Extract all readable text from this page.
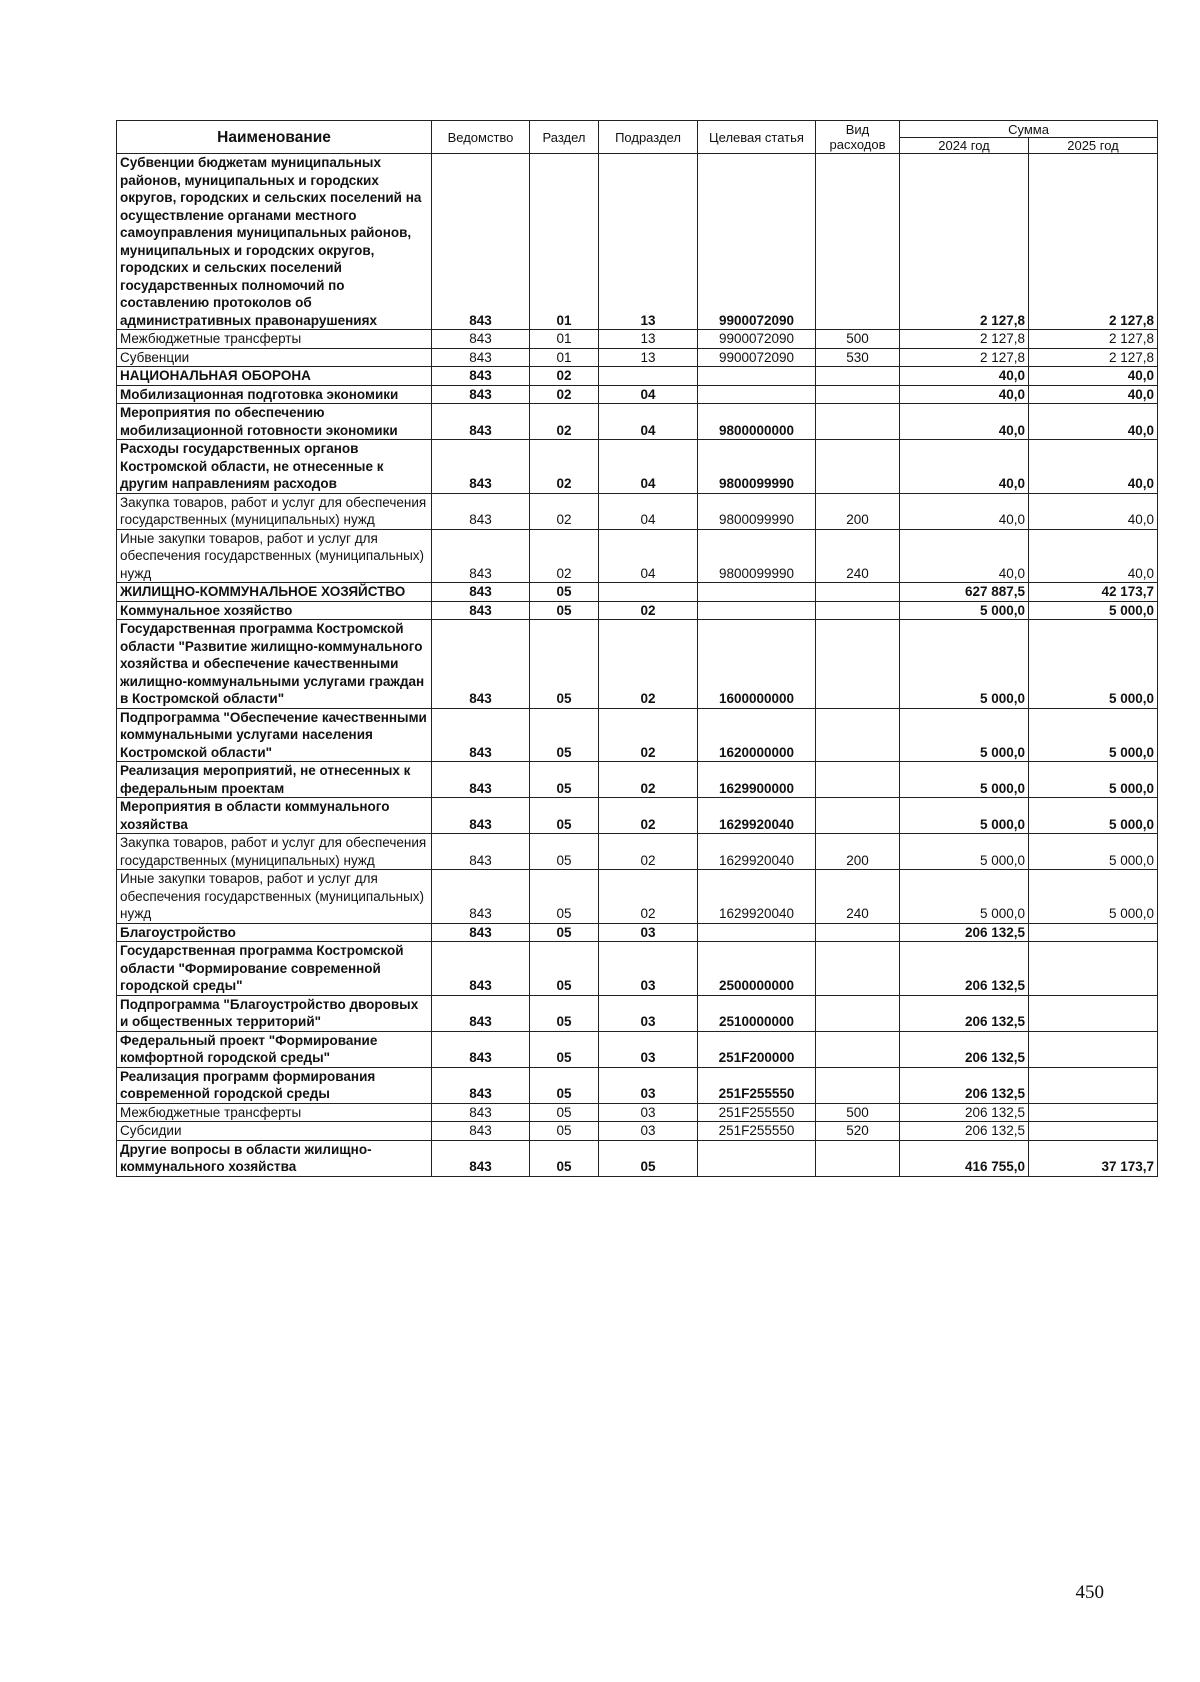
Наименование	Ведомство	Раздел	Подраздел	Целевая статья	Вид расходов	Сумма	
						2024 год	2025 год
Субвенции бюджетам муниципальных районов, муниципальных и городских округов, городских и сельских поселений на осуществление органами местного самоуправления муниципальных районов, муниципальных и городских округов, городских и сельских поселений государственных полномочий по составлению протоколов об административных правонарушениях	843	01	13	9900072090		2 127,8	2 127,8
Межбюджетные трансферты	843	01	13	9900072090	500	2 127,8	2 127,8
Субвенции	843	01	13	9900072090	530	2 127,8	2 127,8
НАЦИОНАЛЬНАЯ ОБОРОНА	843	02				40,0	40,0
Мобилизационная подготовка экономики	843	02	04			40,0	40,0
Мероприятия по обеспечению мобилизационной готовности экономики	843	02	04	9800000000		40,0	40,0
Расходы государственных органов Костромской области, не отнесенные к другим направлениям расходов	843	02	04	9800099990		40,0	40,0
Закупка товаров, работ и услуг для обеспечения государственных (муниципальных) нужд	843	02	04	9800099990	200	40,0	40,0
Иные закупки товаров, работ и услуг для обеспечения государственных (муниципальных) нужд	843	02	04	9800099990	240	40,0	40,0
ЖИЛИЩНО-КОММУНАЛЬНОЕ ХОЗЯЙСТВО	843	05				627 887,5	42 173,7
Коммунальное хозяйство	843	05	02			5 000,0	5 000,0
Государственная программа Костромской области "Развитие жилищно-коммунального хозяйства и обеспечение качественными жилищно-коммунальными услугами граждан в Костромской области"	843	05	02	1600000000		5 000,0	5 000,0
Подпрограмма "Обеспечение качественными коммунальными услугами населения Костромской области"	843	05	02	1620000000		5 000,0	5 000,0
Реализация мероприятий, не отнесенных к федеральным проектам	843	05	02	1629900000		5 000,0	5 000,0
Мероприятия в области коммунального хозяйства	843	05	02	1629920040		5 000,0	5 000,0
Закупка товаров, работ и услуг для обеспечения государственных (муниципальных) нужд	843	05	02	1629920040	200	5 000,0	5 000,0
Иные закупки товаров, работ и услуг для обеспечения государственных (муниципальных) нужд	843	05	02	1629920040	240	5 000,0	5 000,0
Благоустройство	843	05	03			206 132,5	
Государственная программа Костромской области "Формирование современной городской среды"	843	05	03	2500000000		206 132,5	
Подпрограмма "Благоустройство дворовых и общественных территорий"	843	05	03	2510000000		206 132,5	
Федеральный проект "Формирование комфортной городской среды"	843	05	03	251F200000		206 132,5	
Реализация программ формирования современной городской среды	843	05	03	251F255550		206 132,5	
Межбюджетные трансферты	843	05	03	251F255550	500	206 132,5	
Субсидии	843	05	03	251F255550	520	206 132,5	
Другие вопросы в области жилищно-коммунального хозяйства	843	05	05			416 755,0	37 173,7
450
